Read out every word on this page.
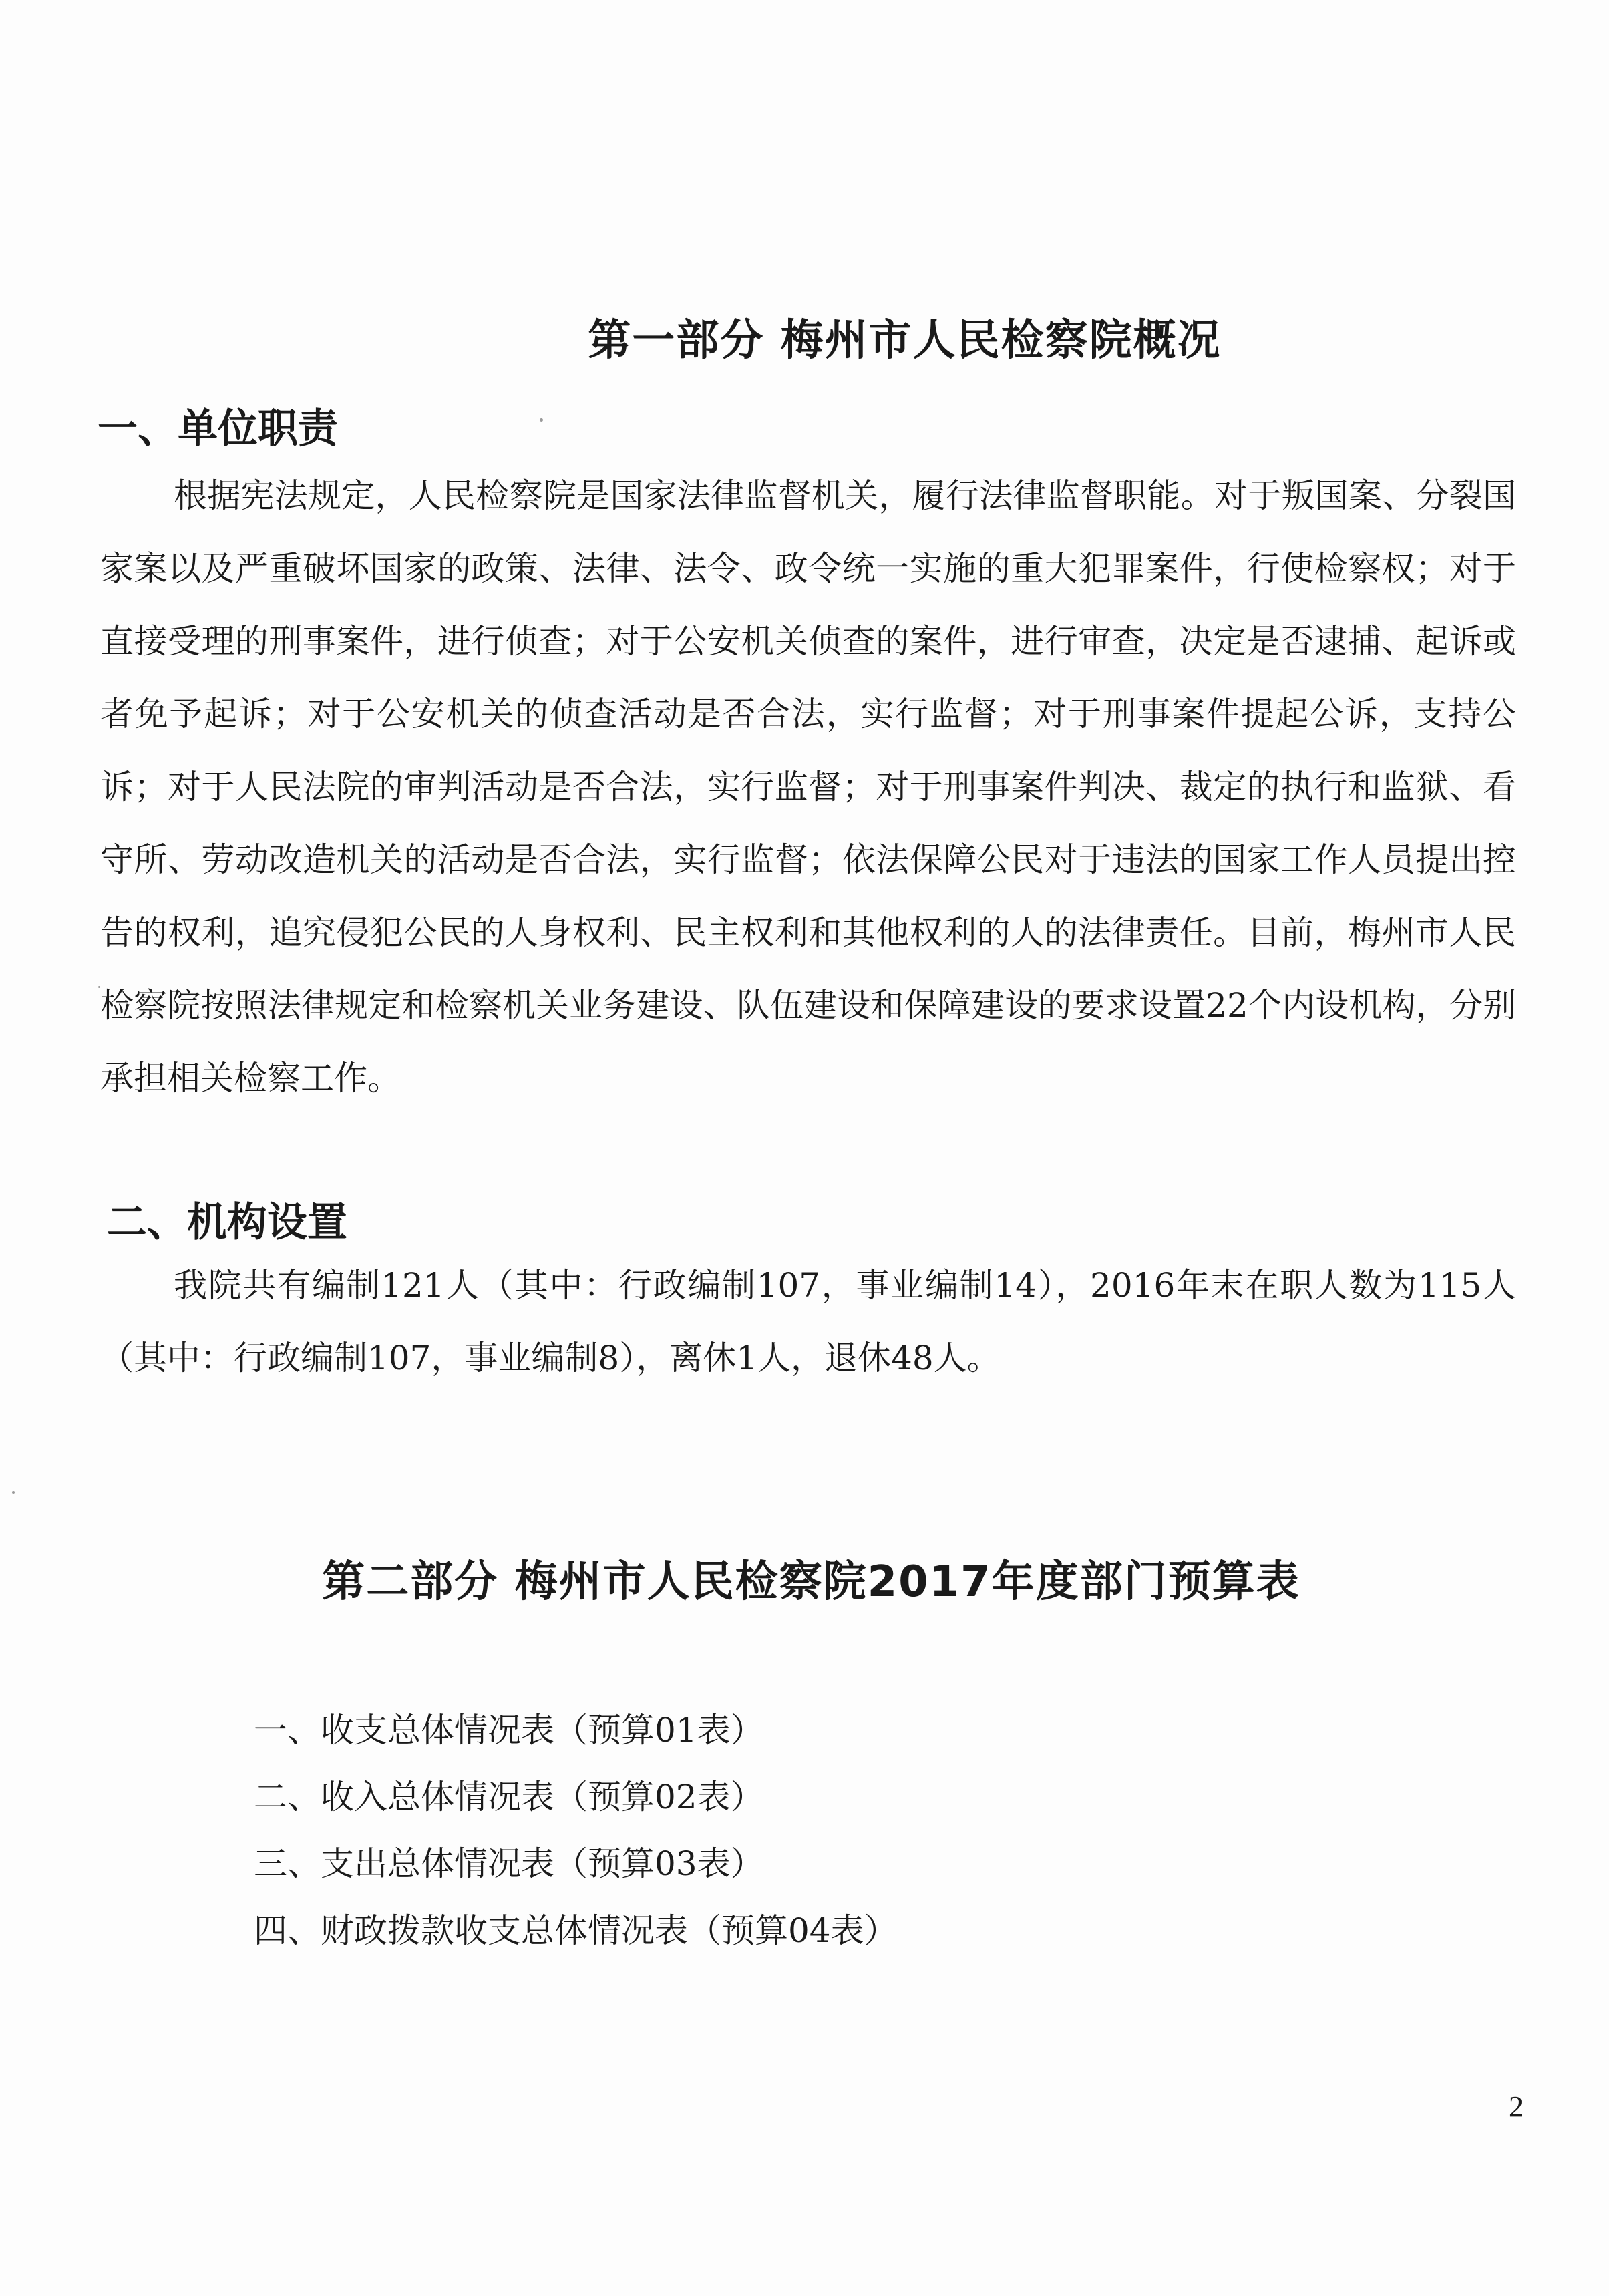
第一部分 梅州市人民检察院概况
一、单位职责
根据宪法规定，人民检察院是国家法律监督机关，履行法律监督职能。对于叛国案、分裂国家案以及严重破坏国家的政策、法律、法令、政令统一实施的重大犯罪案件，行使检察权；对于直接受理的刑事案件，进行侦查；对于公安机关侦查的案件，进行审查，决定是否逮捕、起诉或者免予起诉；对于公安机关的侦查活动是否合法，实行监督；对于刑事案件提起公诉，支持公诉；对于人民法院的审判活动是否合法，实行监督；对于刑事案件判决、裁定的执行和监狱、看守所、劳动改造机关的活动是否合法，实行监督；依法保障公民对于违法的国家工作人员提出控告的权利，追究侵犯公民的人身权利、民主权利和其他权利的人的法律责任。目前，梅州市人民检察院按照法律规定和检察机关业务建设、队伍建设和保障建设的要求设置22个内设机构，分别承担相关检察工作。
二、机构设置
我院共有编制121人（其中：行政编制107，事业编制14），2016年末在职人数为115人（其中：行政编制107，事业编制8），离休1人，退休48人。
第二部分 梅州市人民检察院2017年度部门预算表
一、收支总体情况表（预算01表）
二、收入总体情况表（预算02表）
三、支出总体情况表（预算03表）
四、财政拨款收支总体情况表（预算04表）
2
